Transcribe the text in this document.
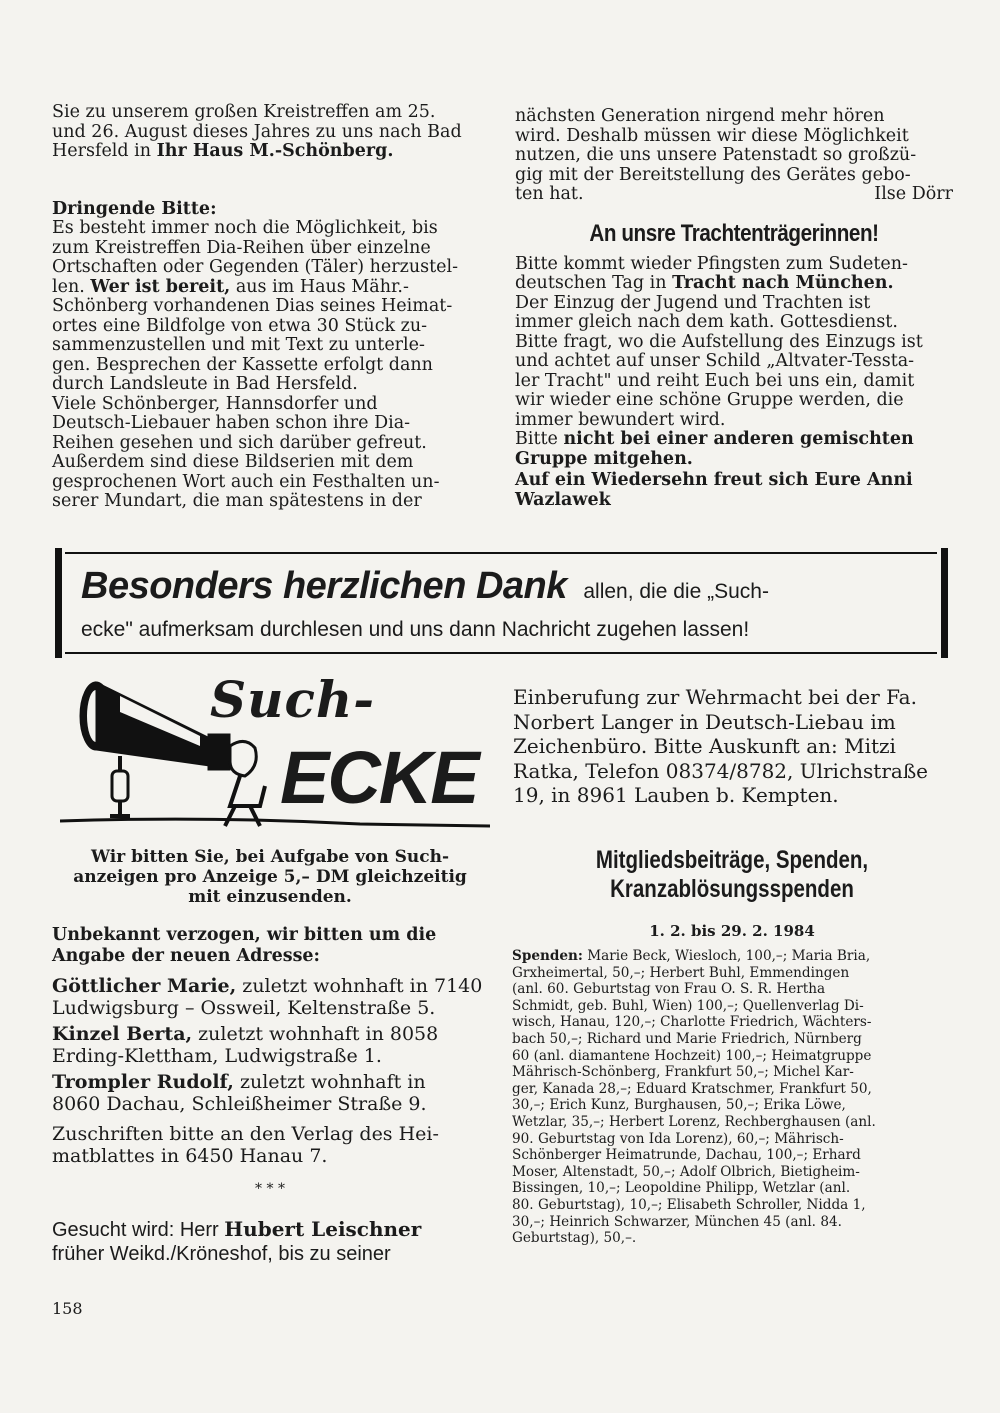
Sie zu unserem großen Kreistreffen am 25.
und 26. August dieses Jahres zu uns nach Bad
Hersfeld in Ihr Haus M.-Schönberg.
Dringende Bitte:
Es besteht immer noch die Möglichkeit, bis
zum Kreistreffen Dia-Reihen über einzelne
Ortschaften oder Gegenden (Täler) herzustel-
len. Wer ist bereit, aus im Haus Mähr.-
Schönberg vorhandenen Dias seines Heimat-
ortes eine Bildfolge von etwa 30 Stück zu-
sammenzustellen und mit Text zu unterle-
gen. Besprechen der Kassette erfolgt dann
durch Landsleute in Bad Hersfeld.
Viele Schönberger, Hannsdorfer und
Deutsch-Liebauer haben schon ihre Dia-
Reihen gesehen und sich darüber gefreut.
Außerdem sind diese Bildserien mit dem
gesprochenen Wort auch ein Festhalten un-
serer Mundart, die man spätestens in der
nächsten Generation nirgend mehr hören
wird. Deshalb müssen wir diese Möglichkeit
nutzen, die uns unsere Patenstadt so großzü-
gig mit der Bereitstellung des Gerätes gebo-
ten hat.	Ilse Dörr
An unsre Trachtenträgerinnen!
Bitte kommt wieder Pfingsten zum Sudeten-
deutschen Tag in Tracht nach München.
Der Einzug der Jugend und Trachten ist
immer gleich nach dem kath. Gottesdienst.
Bitte fragt, wo die Aufstellung des Einzugs ist
und achtet auf unser Schild „Altvater-Tessta-
ler Tracht" und reiht Euch bei uns ein, damit
wir wieder eine schöne Gruppe werden, die
immer bewundert wird.
Bitte nicht bei einer anderen gemischten
Gruppe mitgehen.
Auf ein Wiedersehn freut sich Eure Anni
Wazlawek
Besonders herzlichen Dank allen, die die „Such-
ecke" aufmerksam durchlesen und uns dann Nachricht zugehen lassen!
Such-
ECKE
Einberufung zur Wehrmacht bei der Fa.
Norbert Langer in Deutsch-Liebau im
Zeichenbüro. Bitte Auskunft an: Mitzi
Ratka, Telefon 08374/8782, Ulrichstraße
19, in 8961 Lauben b. Kempten.
Wir bitten Sie, bei Aufgabe von Such-
anzeigen pro Anzeige 5,– DM gleichzeitig
mit einzusenden.
Unbekannt verzogen, wir bitten um die
Angabe der neuen Adresse:
Göttlicher Marie, zuletzt wohnhaft in 7140
Ludwigsburg – Ossweil, Keltenstraße 5.
Kinzel Berta, zuletzt wohnhaft in 8058
Erding-Klettham, Ludwigstraße 1.
Trompler Rudolf, zuletzt wohnhaft in
8060 Dachau, Schleißheimer Straße 9.
Zuschriften bitte an den Verlag des Hei-
matblattes in 6450 Hanau 7.
* * *
Gesucht wird: Herr Hubert Leischner
früher Weikd./Kröneshof, bis zu seiner
Mitgliedsbeiträge, Spenden,
Kranzablösungsspenden
1. 2. bis 29. 2. 1984
Spenden: Marie Beck, Wiesloch, 100,–; Maria Bria,
Grxheimertal, 50,–; Herbert Buhl, Emmendingen
(anl. 60. Geburtstag von Frau O. S. R. Hertha
Schmidt, geb. Buhl, Wien) 100,–; Quellenverlag Di-
wisch, Hanau, 120,–; Charlotte Friedrich, Wächters-
bach 50,–; Richard und Marie Friedrich, Nürnberg
60 (anl. diamantene Hochzeit) 100,–; Heimatgruppe
Mährisch-Schönberg, Frankfurt 50,–; Michel Kar-
ger, Kanada 28,–; Eduard Kratschmer, Frankfurt 50,
30,–; Erich Kunz, Burghausen, 50,–; Erika Löwe,
Wetzlar, 35,–; Herbert Lorenz, Rechberghausen (anl.
90. Geburtstag von Ida Lorenz), 60,–; Mährisch-
Schönberger Heimatrunde, Dachau, 100,–; Erhard
Moser, Altenstadt, 50,–; Adolf Olbrich, Bietigheim-
Bissingen, 10,–; Leopoldine Philipp, Wetzlar (anl.
80. Geburtstag), 10,–; Elisabeth Schroller, Nidda 1,
30,–; Heinrich Schwarzer, München 45 (anl. 84.
Geburtstag), 50,–.
158
